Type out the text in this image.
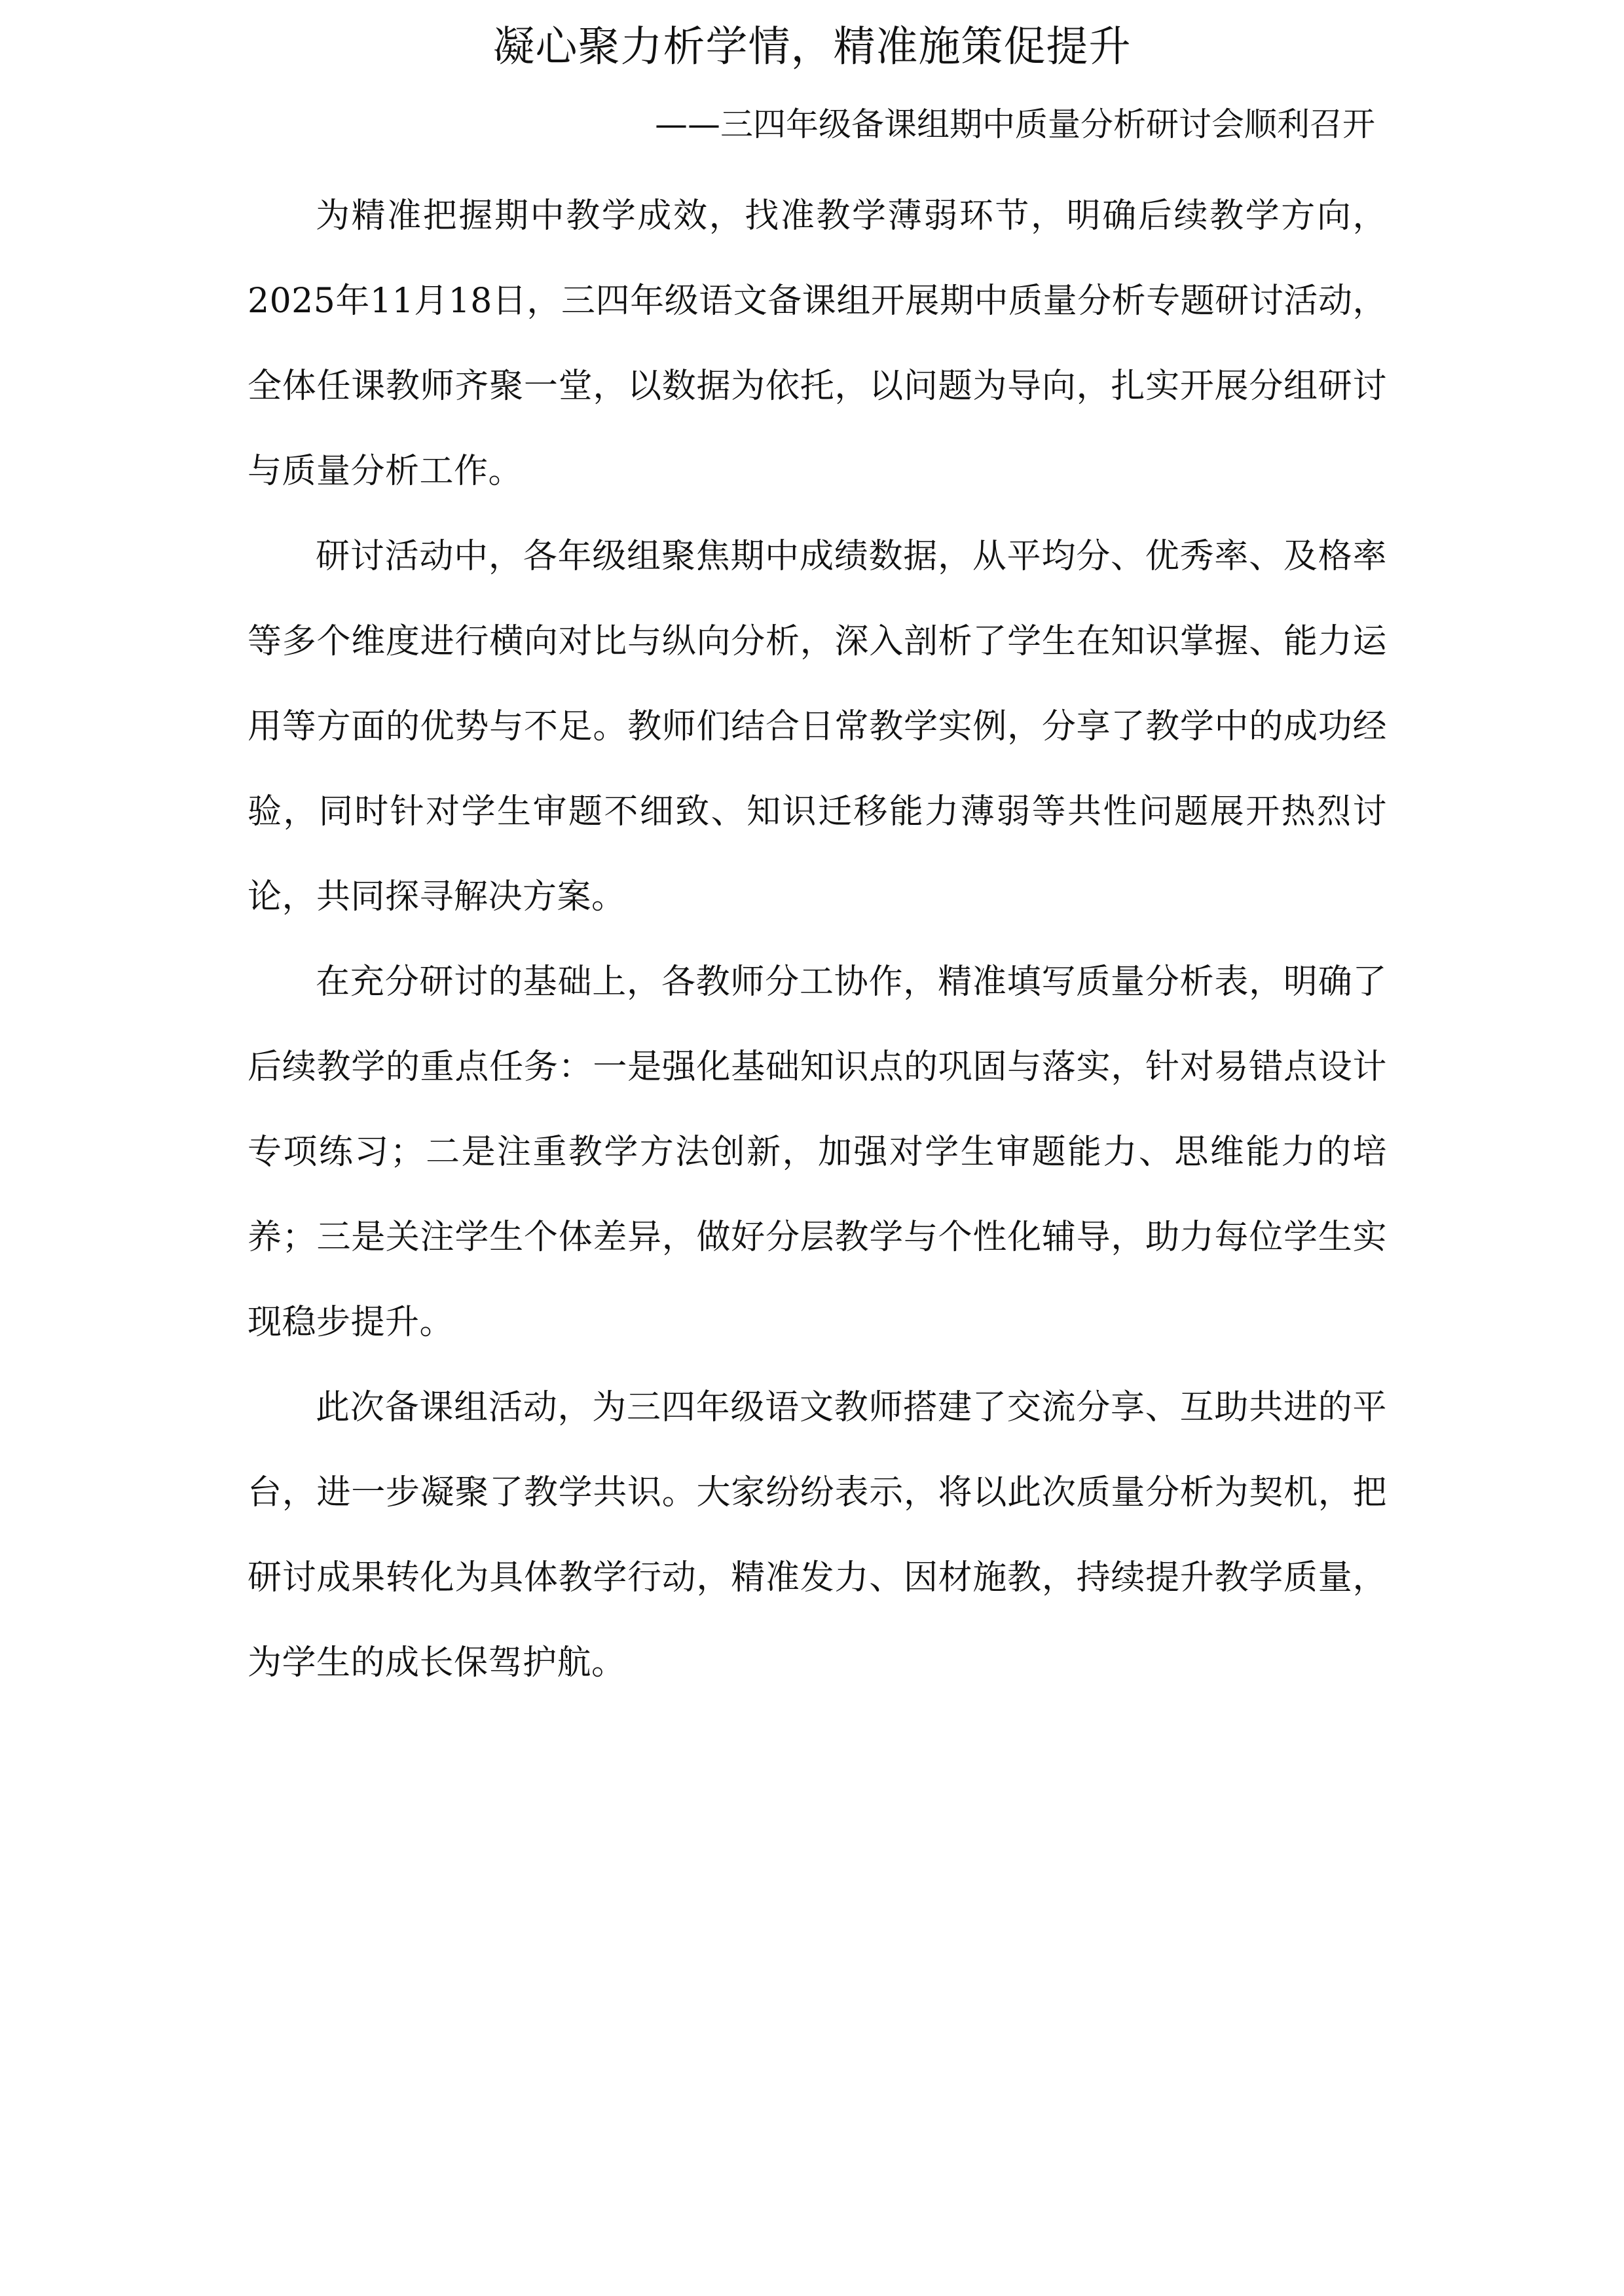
凝心聚力析学情，精准施策促提升
——三四年级备课组期中质量分析研讨会顺利召开

为精准把握期中教学成效，找准教学薄弱环节，明确后续教学方向，2025年11月18日，三四年级语文备课组开展期中质量分析专题研讨活动，全体任课教师齐聚一堂，以数据为依托，以问题为导向，扎实开展分组研讨与质量分析工作。

研讨活动中，各年级组聚焦期中成绩数据，从平均分、优秀率、及格率等多个维度进行横向对比与纵向分析，深入剖析了学生在知识掌握、能力运用等方面的优势与不足。教师们结合日常教学实例，分享了教学中的成功经验，同时针对学生审题不细致、知识迁移能力薄弱等共性问题展开热烈讨论，共同探寻解决方案。

在充分研讨的基础上，各教师分工协作，精准填写质量分析表，明确了后续教学的重点任务：一是强化基础知识点的巩固与落实，针对易错点设计专项练习；二是注重教学方法创新，加强对学生审题能力、思维能力的培养；三是关注学生个体差异，做好分层教学与个性化辅导，助力每位学生实现稳步提升。

此次备课组活动，为三四年级语文教师搭建了交流分享、互助共进的平台，进一步凝聚了教学共识。大家纷纷表示，将以此次质量分析为契机，把研讨成果转化为具体教学行动，精准发力、因材施教，持续提升教学质量，为学生的成长保驾护航。
